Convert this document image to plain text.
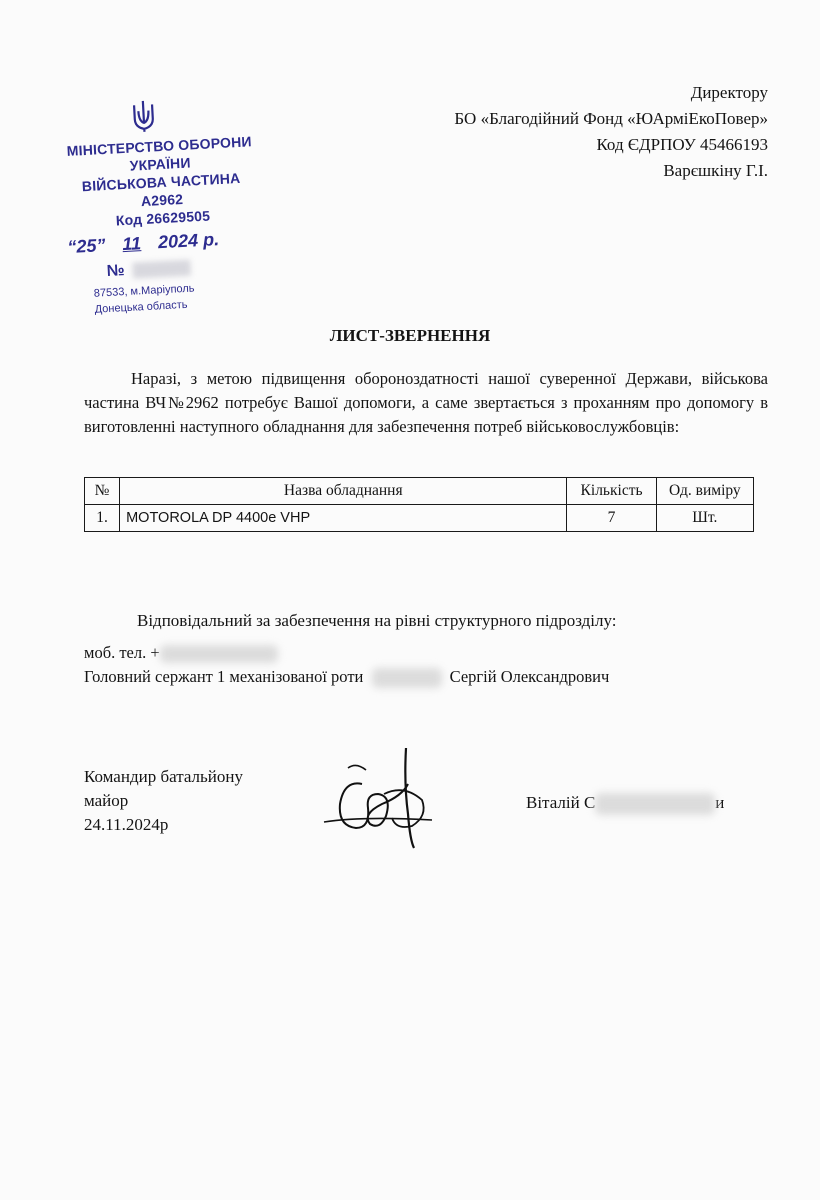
Директору
БО «Благодійний Фонд «ЮАрміЕкоПовер»
Код ЄДРПОУ 45466193
Варєшкіну Г.І.
МІНІСТЕРСТВО ОБОРОНИ
УКРАЇНИ
ВІЙСЬКОВА ЧАСТИНА
А2962
Код 26629505
“25” 11 2024 р.
№
87533, м.Маріуполь
Донецька область
ЛИСТ-ЗВЕРНЕННЯ
Наразі, з метою підвищення обороноздатності нашої суверенної Держави, військова частина ВЧ№2962 потребує Вашої допомоги, а саме звертається з проханням про допомогу в виготовленні наступного обладнання для забезпечення потреб військовослужбовців:
№	Назва обладнання	Кількість	Од. виміру
1.	MOTOROLA DP 4400e VHP	7	Шт.
Відповідальний за забезпечення на рівні структурного підрозділу:
моб. тел. +
Головний сержант 1 механізованої роти	Сергій Олександрович
Командир батальйону
майор
24.11.2024р
Віталій С	и
